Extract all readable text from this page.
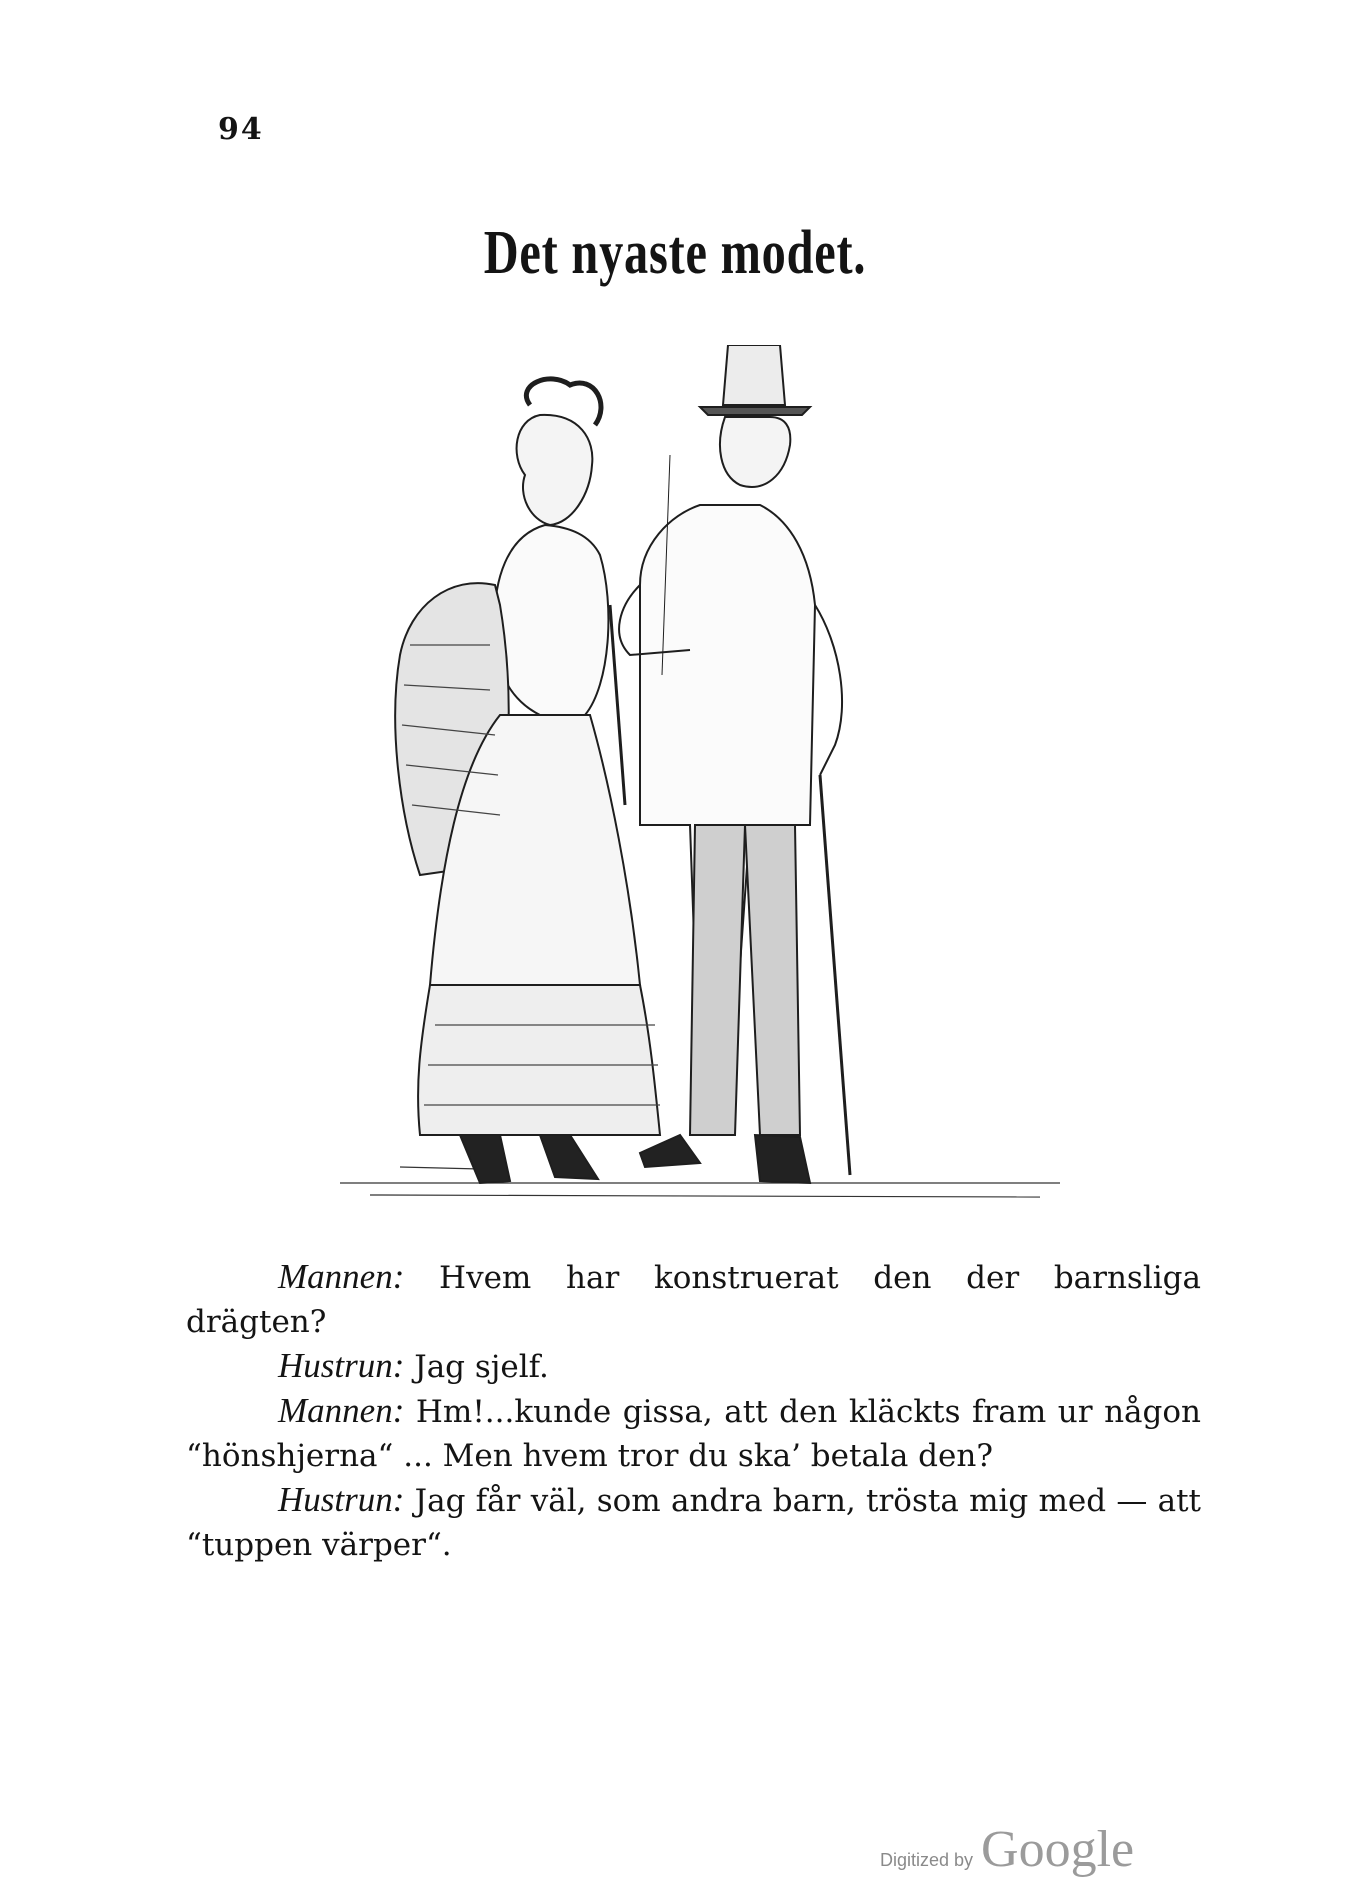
94
Det nyaste modet.

Mannen: Hvem har konstruerat den der barnsliga drägten?

Hustrun: Jag sjelf.

Mannen: Hm!...kunde gissa, att den kläckts fram ur någon “hönshjerna“ ... Men hvem tror du ska’ betala den?

Hustrun: Jag får väl, som andra barn, trösta mig med — att “tuppen värper“.

Digitized by Google
